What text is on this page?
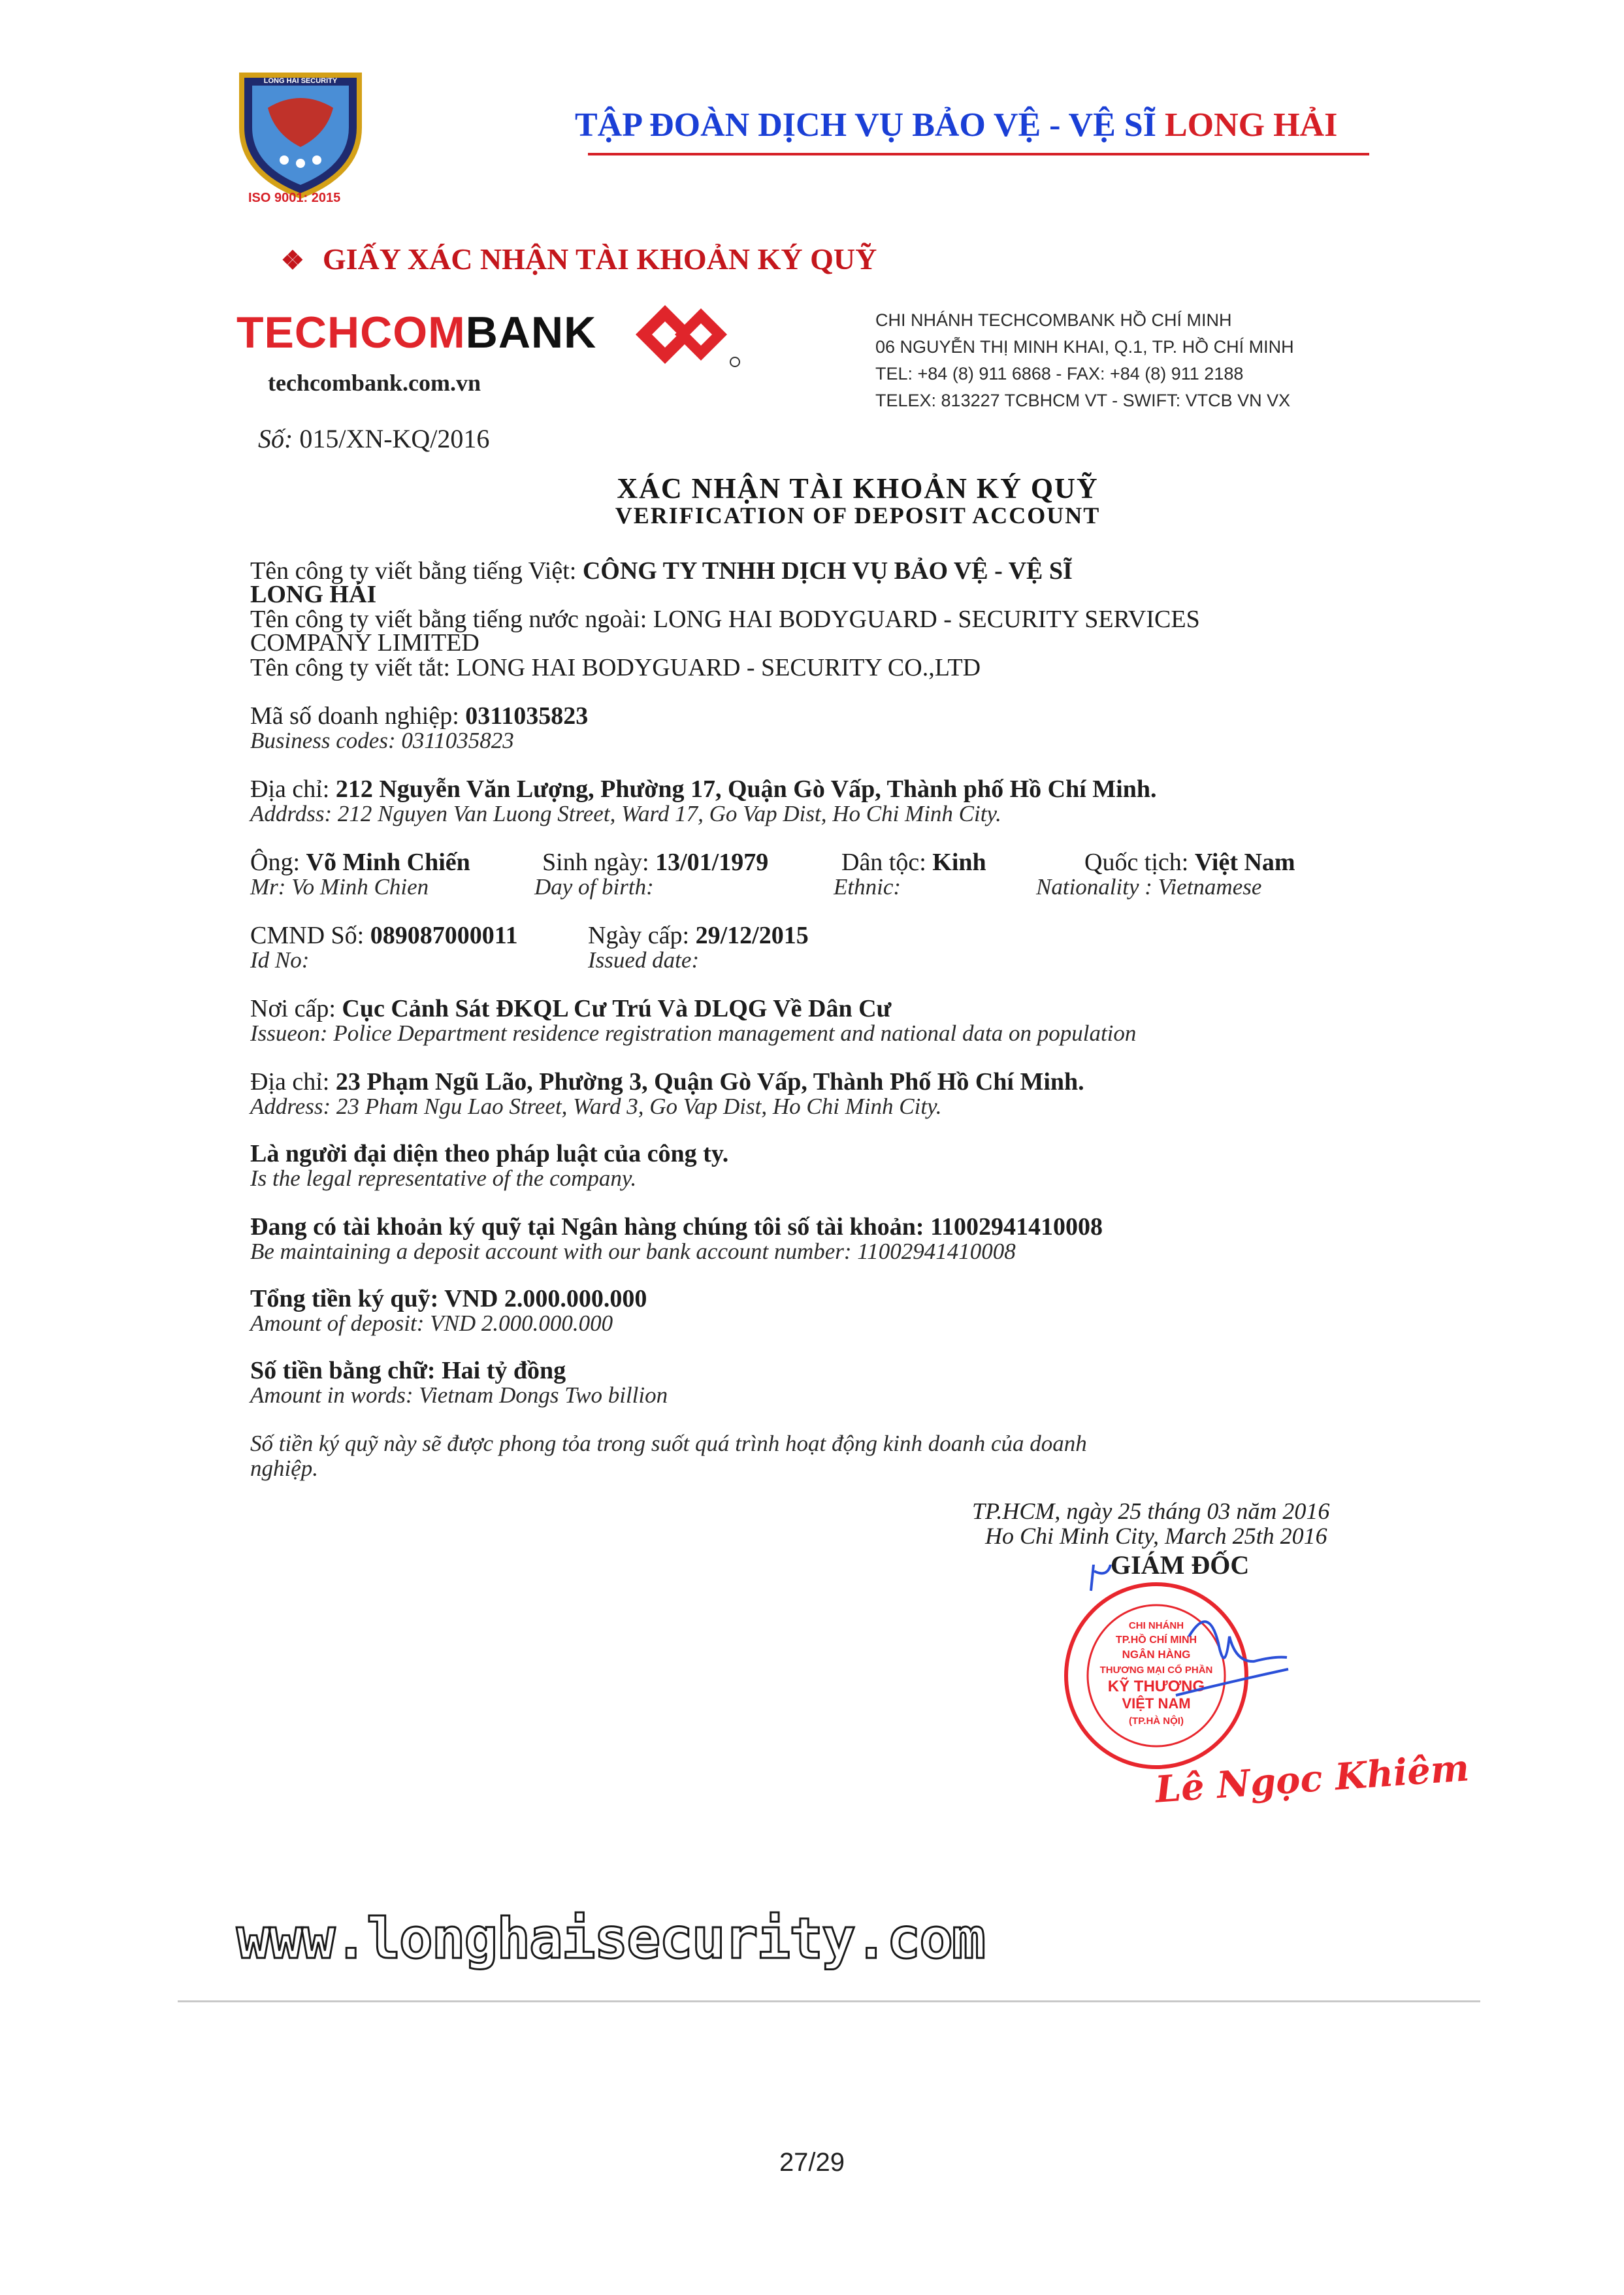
LONG HAI SECURITY
ISO 9001: 2015
TẬP ĐOÀN DỊCH VỤ BẢO VỆ - VỆ SĨ LONG HẢI
❖ GIẤY XÁC NHẬN TÀI KHOẢN KÝ QUỸ
TECHCOMBANK
techcombank.com.vn
CHI NHÁNH TECHCOMBANK HỒ CHÍ MINH
06 NGUYỄN THỊ MINH KHAI, Q.1, TP. HỒ CHÍ MINH
TEL: +84 (8) 911 6868 - FAX: +84 (8) 911 2188
TELEX: 813227 TCBHCM VT - SWIFT: VTCB VN VX
Số: 015/XN-KQ/2016
XÁC NHẬN TÀI KHOẢN KÝ QUỸ
VERIFICATION OF DEPOSIT ACCOUNT
Tên công ty viết bằng tiếng Việt: CÔNG TY TNHH DỊCH VỤ BẢO VỆ - VỆ SĨ
LONG HẢI
Tên công ty viết bằng tiếng nước ngoài: LONG HAI BODYGUARD - SECURITY SERVICES
COMPANY LIMITED
Tên công ty viết tắt: LONG HAI BODYGUARD - SECURITY CO.,LTD
Mã số doanh nghiệp: 0311035823
Business codes: 0311035823
Địa chỉ: 212 Nguyễn Văn Lượng, Phường 17, Quận Gò Vấp, Thành phố Hồ Chí Minh.
Addrdss: 212 Nguyen Van Luong Street, Ward 17, Go Vap Dist, Ho Chi Minh City.
Ông: Võ Minh Chiến	Sinh ngày: 13/01/1979	Dân tộc: Kinh	Quốc tịch: Việt Nam
Mr: Vo Minh Chien	Day of birth:	Ethnic:	Nationality : Vietnamese
CMND Số: 089087000011	Ngày cấp: 29/12/2015
Id No:	Issued date:
Nơi cấp: Cục Cảnh Sát ĐKQL Cư Trú Và DLQG Về Dân Cư
Issueon: Police Department residence registration management and national data on population
Địa chỉ: 23 Phạm Ngũ Lão, Phường 3, Quận Gò Vấp, Thành Phố Hồ Chí Minh.
Address: 23 Pham Ngu Lao Street, Ward 3, Go Vap Dist, Ho Chi Minh City.
Là người đại diện theo pháp luật của công ty.
Is the legal representative of the company.
Đang có tài khoản ký quỹ tại Ngân hàng chúng tôi số tài khoản: 11002941410008
Be maintaining a deposit account with our bank account number: 11002941410008
Tổng tiền ký quỹ: VND 2.000.000.000
Amount of deposit: VND 2.000.000.000
Số tiền bằng chữ: Hai tỷ đồng
Amount in words: Vietnam Dongs Two billion
Số tiền ký quỹ này sẽ được phong tỏa trong suốt quá trình hoạt động kinh doanh của doanh
nghiệp.
TP.HCM, ngày 25 tháng 03 năm 2016
Ho Chi Minh City, March 25th 2016
GIÁM ĐỐC
CHI NHÁNH
TP.HỒ CHÍ MINH
NGÂN HÀNG
THƯƠNG MẠI CỔ PHẦN
KỸ THƯƠNG
VIỆT NAM
(TP.HÀ NỘI)
Lê Ngọc Khiêm
www.longhaisecurity.com
27/29
